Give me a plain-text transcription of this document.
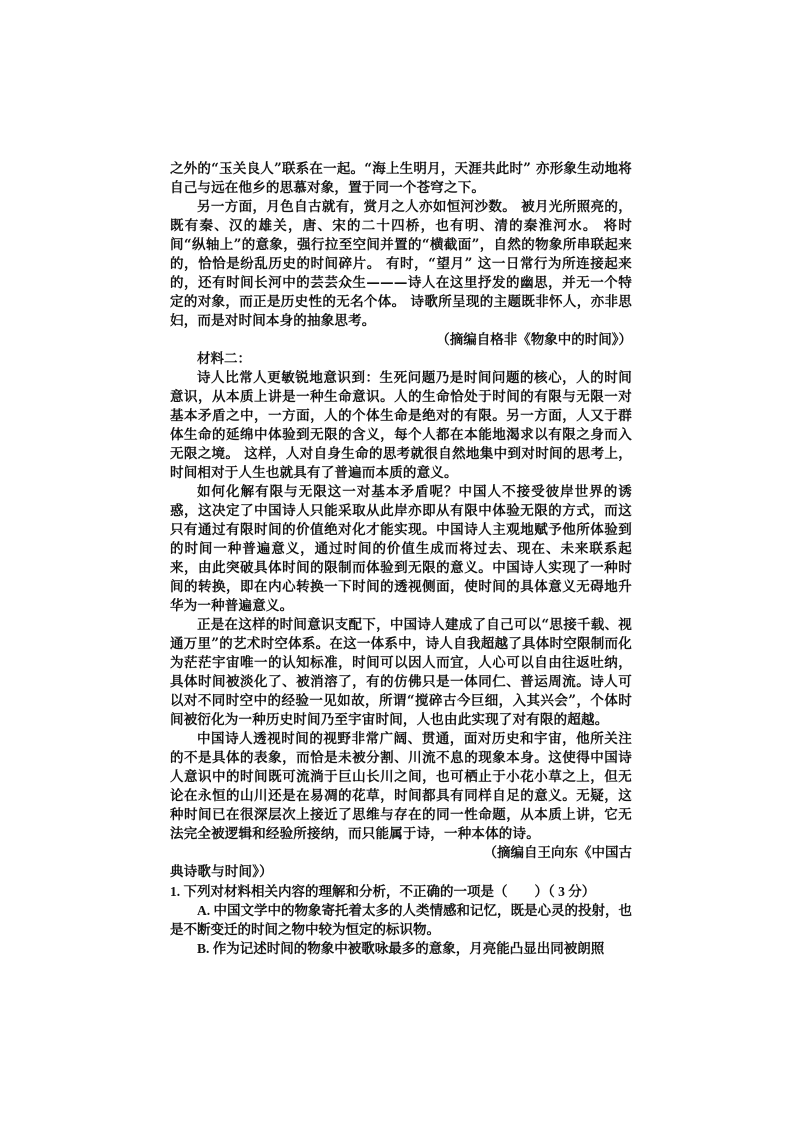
之外的“玉关良人”联系在一起。“海上生明月，天涯共此时” 亦形象生动地将自己与远在他乡的思慕对象，置于同一个苍穹之下。

另一方面，月色自古就有，赏月之人亦如恒河沙数。 被月光所照亮的，既有秦、汉的雄关，唐、宋的二十四桥，也有明、清的秦淮河水。 将时间“纵轴上”的意象，强行拉至空间并置的“横截面”，自然的物象所串联起来的，恰恰是纷乱历史的时间碎片。 有时，“望月” 这一日常行为所连接起来的，还有时间长河中的芸芸众生———诗人在这里抒发的幽思，并无一个特定的对象，而正是历史性的无名个体。 诗歌所呈现的主题既非怀人，亦非思妇，而是对时间本身的抽象思考。

（摘编自格非《物象中的时间》）

材料二：

诗人比常人更敏锐地意识到：生死问题乃是时间问题的核心，人的时间意识，从本质上讲是一种生命意识。人的生命恰处于时间的有限与无限一对基本矛盾之中，一方面，人的个体生命是绝对的有限。另一方面，人又于群体生命的延绵中体验到无限的含义，每个人都在本能地渴求以有限之身而入无限之境。 这样，人对自身生命的思考就很自然地集中到对时间的思考上，时间相对于人生也就具有了普遍而本质的意义。

如何化解有限与无限这一对基本矛盾呢？中国人不接受彼岸世界的诱惑，这决定了中国诗人只能采取从此岸亦即从有限中体验无限的方式，而这只有通过有限时间的价值绝对化才能实现。中国诗人主观地赋予他所体验到的时间一种普遍意义，通过时间的价值生成而将过去、现在、未来联系起来，由此突破具体时间的限制而体验到无限的意义。中国诗人实现了一种时间的转换，即在内心转换一下时间的透视侧面，使时间的具体意义无碍地升华为一种普遍意义。

正是在这样的时间意识支配下，中国诗人建成了自己可以“思接千载、视通万里”的艺术时空体系。在这一体系中，诗人自我超越了具体时空限制而化为茫茫宇宙唯一的认知标准，时间可以因人而宜，人心可以自由往返吐纳，具体时间被淡化了、被消溶了，有的仿佛只是一体同仁、普运周流。诗人可以对不同时空中的经验一见如故，所谓“搅碎古今巨细，入其兴会”，个体时间被衍化为一种历史时间乃至宇宙时间，人也由此实现了对有限的超越。

中国诗人透视时间的视野非常广阔、贯通，面对历史和宇宙，他所关注的不是具体的表象，而恰是未被分割、川流不息的现象本身。这使得中国诗人意识中的时间既可流淌于巨山长川之间，也可栖止于小花小草之上，但无论在永恒的山川还是在易凋的花草，时间都具有同样自足的意义。无疑，这种时间已在很深层次上接近了思维与存在的同一性命题，从本质上讲，它无法完全被逻辑和经验所接纳，而只能属于诗，一种本体的诗。

（摘编自王向东《中国古

典诗歌与时间》）

1. 下列对材料相关内容的理解和分析，不正确的一项是（　　）（ 3 分）

A. 中国文学中的物象寄托着太多的人类情感和记忆，既是心灵的投射，也是不断变迁的时间之物中较为恒定的标识物。

B. 作为记述时间的物象中被歌咏最多的意象，月亮能凸显出同被朗照
